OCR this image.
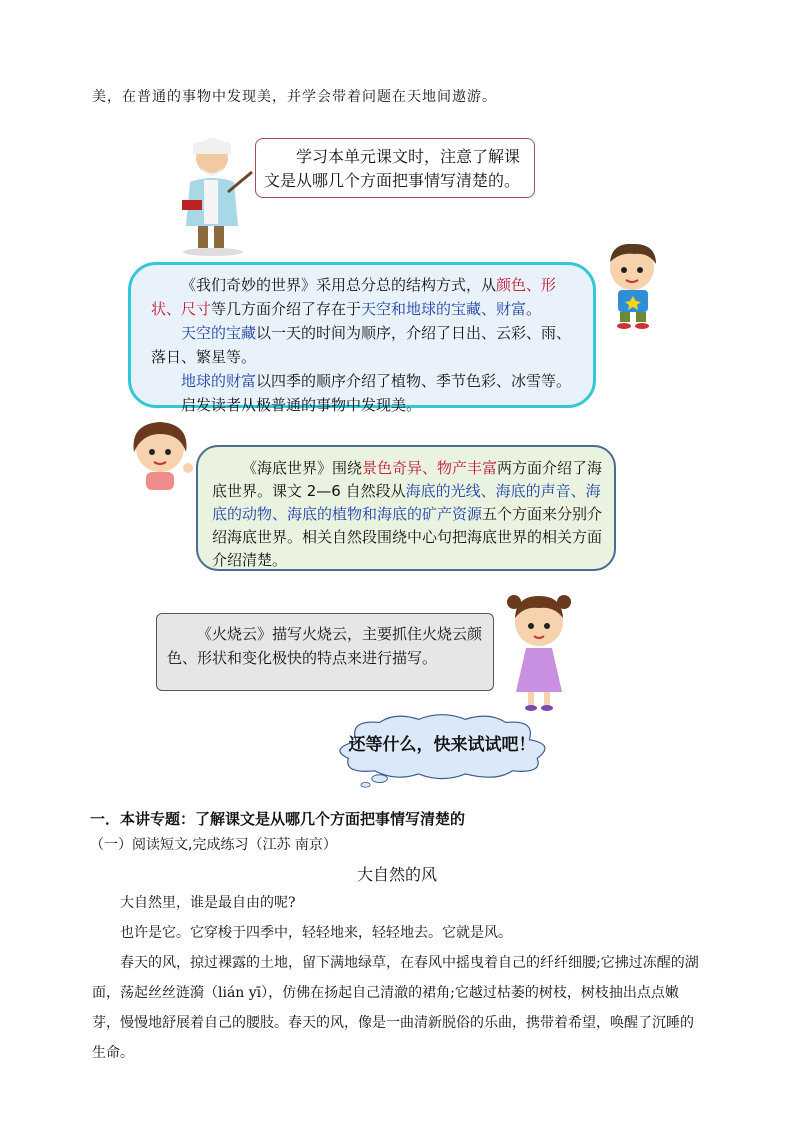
美，在普通的事物中发现美，并学会带着问题在天地间遨游。
学习本单元课文时，注意了解课文是从哪几个方面把事情写清楚的。
《我们奇妙的世界》采用总分总的结构方式，从颜色、形状、尺寸等几方面介绍了存在于天空和地球的宝藏、财富。
天空的宝藏以一天的时间为顺序，介绍了日出、云彩、雨、落日、繁星等。
地球的财富以四季的顺序介绍了植物、季节色彩、冰雪等。
启发读者从极普通的事物中发现美。
《海底世界》围绕景色奇异、物产丰富两方面介绍了海底世界。课文 2—6 自然段从海底的光线、海底的声音、海底的动物、海底的植物和海底的矿产资源五个方面来分别介绍海底世界。相关自然段围绕中心句把海底世界的相关方面介绍清楚。
《火烧云》描写火烧云，主要抓住火烧云颜色、形状和变化极快的特点来进行描写。
还等什么，快来试试吧！
一．本讲专题：了解课文是从哪几个方面把事情写清楚的
（一）阅读短文,完成练习（江苏 南京）
大自然的风
大自然里，谁是最自由的呢?
也许是它。它穿梭于四季中，轻轻地来，轻轻地去。它就是风。
春天的风，掠过裸露的土地，留下满地绿草，在春风中摇曳着自己的纤纤细腰;它拂过冻醒的湖面，荡起丝丝涟漪（lián yī），仿佛在扬起自己清澈的裙角;它越过枯萎的树枝，树枝抽出点点嫩芽，慢慢地舒展着自己的腰肢。春天的风，像是一曲清新脱俗的乐曲，携带着希望，唤醒了沉睡的生命。
